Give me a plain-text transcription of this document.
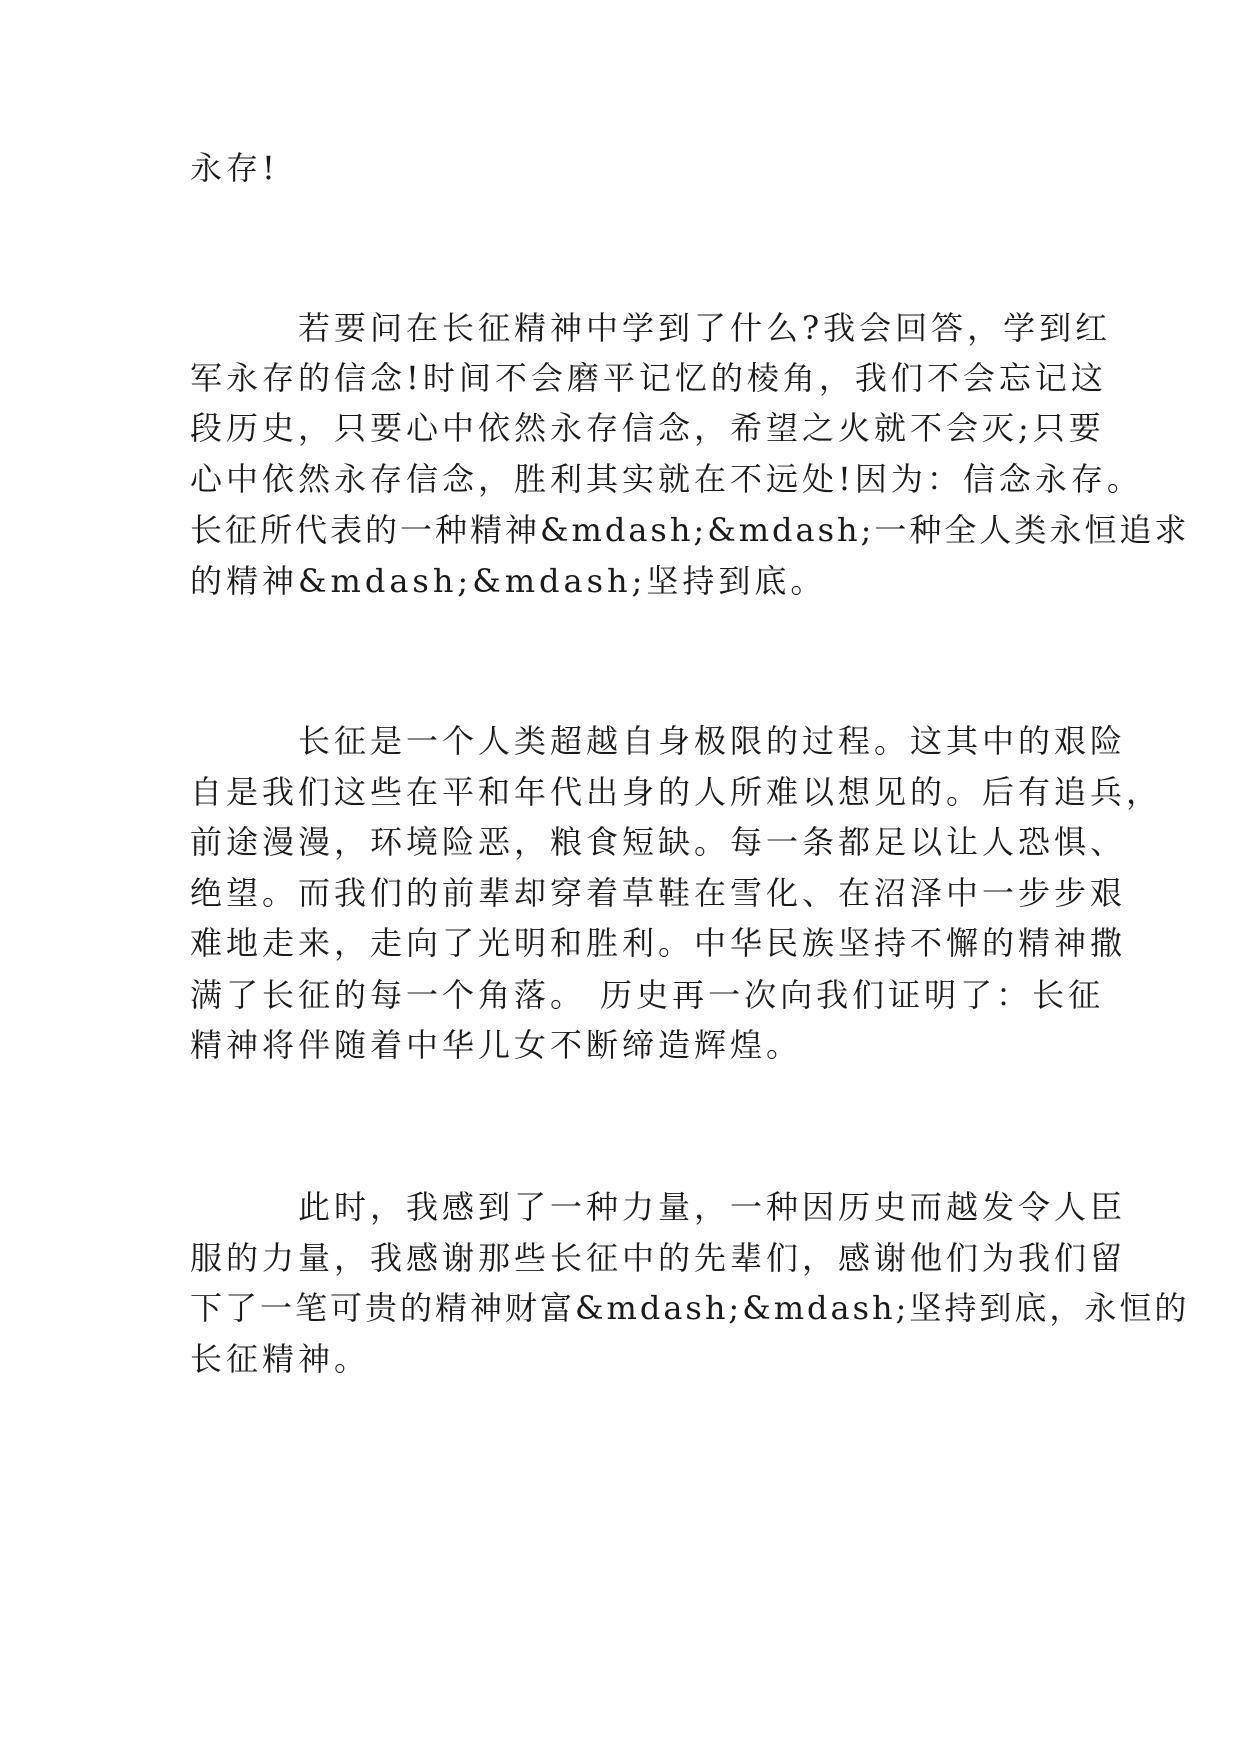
永存!
若要问在长征精神中学到了什么?我会回答，学到红
军永存的信念!时间不会磨平记忆的棱角，我们不会忘记这
段历史，只要心中依然永存信念，希望之火就不会灭;只要
心中依然永存信念，胜利其实就在不远处!因为：信念永存。
长征所代表的一种精神&mdash;&mdash;一种全人类永恒追求
的精神&mdash;&mdash;坚持到底。
长征是一个人类超越自身极限的过程。这其中的艰险
自是我们这些在平和年代出身的人所难以想见的。后有追兵，
前途漫漫，环境险恶，粮食短缺。每一条都足以让人恐惧、
绝望。而我们的前辈却穿着草鞋在雪化、在沼泽中一步步艰
难地走来，走向了光明和胜利。中华民族坚持不懈的精神撒
满了长征的每一个角落。 历史再一次向我们证明了：长征
精神将伴随着中华儿女不断缔造辉煌。
此时，我感到了一种力量，一种因历史而越发令人臣
服的力量，我感谢那些长征中的先辈们，感谢他们为我们留
下了一笔可贵的精神财富&mdash;&mdash;坚持到底，永恒的
长征精神。
